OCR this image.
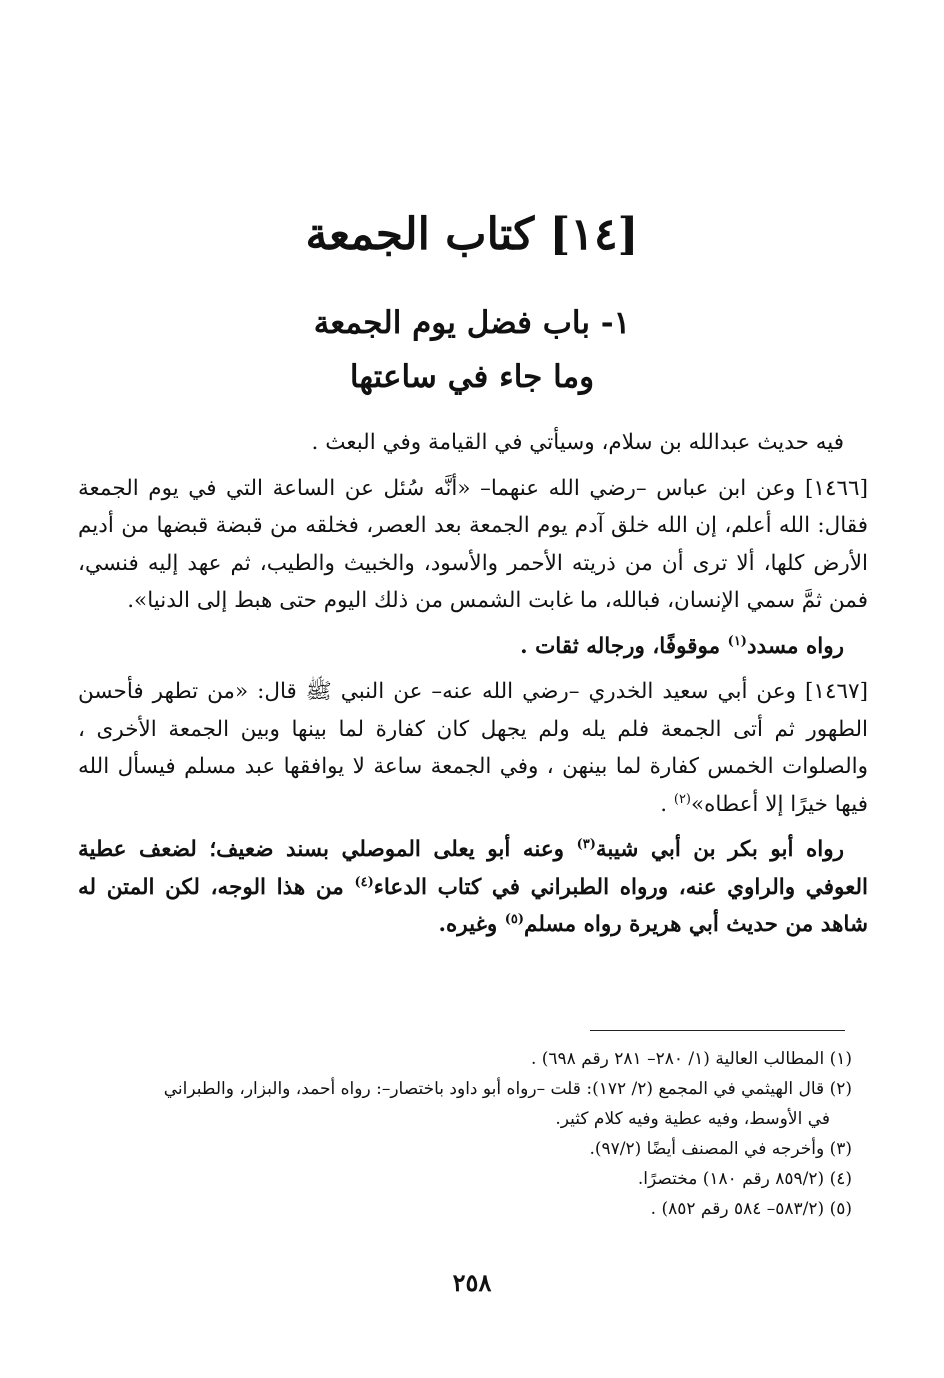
[١٤] كتاب الجمعة
١- باب فضل يوم الجمعة
وما جاء في ساعتها

فيه حديث عبدالله بن سلام، وسيأتي في القيامة وفي البعث .

[١٤٦٦] وعن ابن عباس –رضي الله عنهما– «أنَّه سُئل عن الساعة التي في يوم الجمعة فقال: الله أعلم، إن الله خلق آدم يوم الجمعة بعد العصر، فخلقه من قبضة قبضها من أديم الأرض كلها، ألا ترى أن من ذريته الأحمر والأسود، والخبيث والطيب، ثم عهد إليه فنسي، فمن ثمَّ سمي الإنسان، فبالله، ما غابت الشمس من ذلك اليوم حتى هبط إلى الدنيا».

رواه مسدد$^{(١)}$ موقوفًا، ورجاله ثقات .

[١٤٦٧] وعن أبي سعيد الخدري –رضي الله عنه– عن النبي ﷺ قال: «من تطهر فأحسن الطهور ثم أتى الجمعة فلم يله ولم يجهل كان كفارة لما بينها وبين الجمعة الأخرى ، والصلوات الخمس كفارة لما بينهن ، وفي الجمعة ساعة لا يوافقها عبد مسلم فيسأل الله فيها خيرًا إلا أعطاه»$^{(٢)}$ .

رواه أبو بكر بن أبي شيبة$^{(٣)}$ وعنه أبو يعلى الموصلي بسند ضعيف؛ لضعف عطية العوفي والراوي عنه، ورواه الطبراني في كتاب الدعاء$^{(٤)}$ من هذا الوجه، لكن المتن له شاهد من حديث أبي هريرة رواه مسلم$^{(٥)}$ وغيره.

(١) المطالب العالية (١/ ٢٨٠– ٢٨١ رقم ٦٩٨) .
(٢) قال الهيثمي في المجمع (٢/ ١٧٢): قلت –رواه أبو داود باختصار–: رواه أحمد، والبزار، والطبراني
في الأوسط، وفيه عطية وفيه كلام كثير.
(٣) وأخرجه في المصنف أيضًا (٩٧/٢).
(٤) (٨٥٩/٢ رقم ١٨٠) مختصرًا.
(٥) (٥٨٣/٢– ٥٨٤ رقم ٨٥٢) .
٢٥٨
